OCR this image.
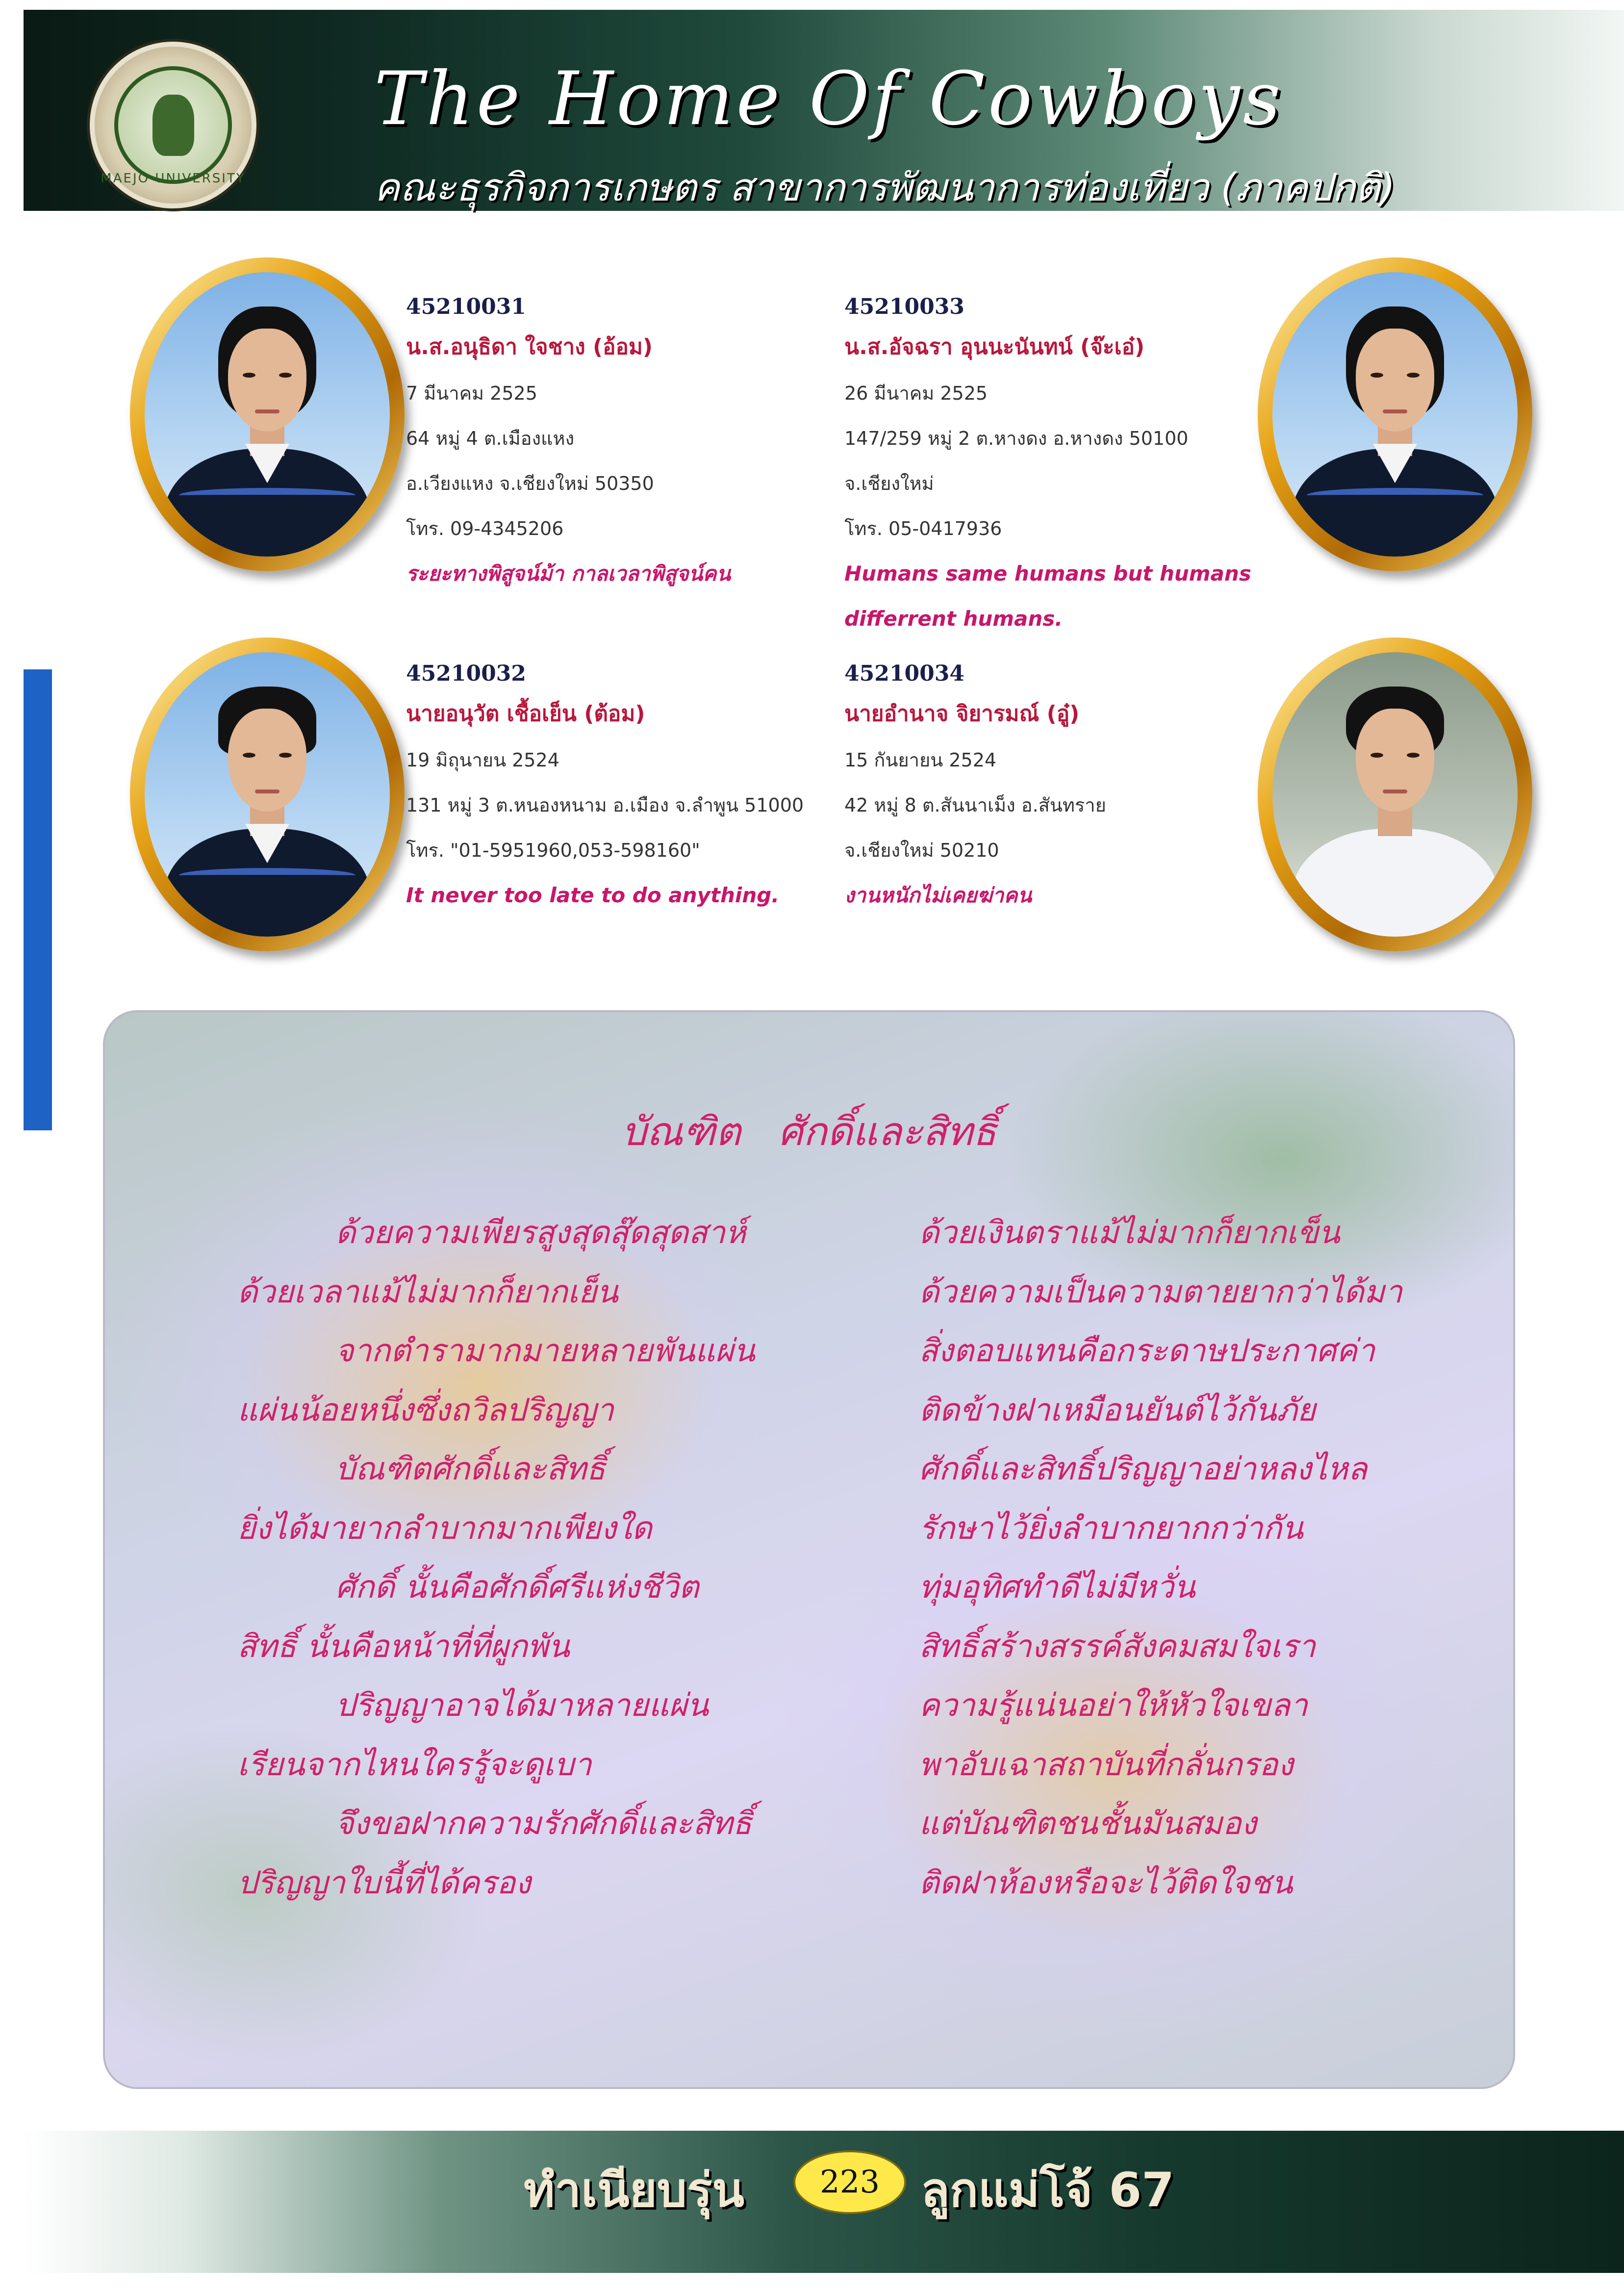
MAEJO UNIVERSITY
The Home Of Cowboys
คณะธุรกิจการเกษตร สาขาการพัฒนาการท่องเที่ยว (ภาคปกติ)
45210031
น.ส.อนุธิดา ใจชาง (อ้อม)
7 มีนาคม 2525
64 หมู่ 4 ต.เมืองแหง
อ.เวียงแหง จ.เชียงใหม่ 50350
โทร. 09-4345206
ระยะทางพิสูจน์ม้า กาลเวลาพิสูจน์คน
45210033
น.ส.อัจฉรา อุนนะนันทน์ (จ๊ะเอ๋)
26 มีนาคม 2525
147/259 หมู่ 2 ต.หางดง อ.หางดง 50100
จ.เชียงใหม่
โทร. 05-0417936
Humans same humans but humans
differrent humans.
45210032
นายอนุวัต เชื้อเย็น (ต้อม)
19 มิถุนายน 2524
131 หมู่ 3 ต.หนองหนาม อ.เมือง จ.ลำพูน 51000
โทร. "01-5951960,053-598160"
It never too late to do anything.
45210034
นายอำนาจ จิยารมณ์ (อู๋)
15 กันยายน 2524
42 หมู่ 8 ต.สันนาเม็ง อ.สันทราย
จ.เชียงใหม่ 50210
งานหนักไม่เคยฆ่าคน
บัณฑิต   ศักดิ์และสิทธิ์
ด้วยความเพียรสูงสุดสุ๊ดสุดสาห์
ด้วยเวลาแม้ไม่มากก็ยากเย็น
จากตำรามากมายหลายพันแผ่น
แผ่นน้อยหนึ่งซึ่งถวิลปริญญา
บัณฑิตศักดิ์และสิทธิ์
ยิ่งได้มายากลำบากมากเพียงใด
ศักดิ์ นั้นคือศักดิ์ศรีแห่งชีวิต
สิทธิ์ นั้นคือหน้าที่ที่ผูกพัน
ปริญญาอาจได้มาหลายแผ่น
เรียนจากไหนใครรู้จะดูเบา
จึงขอฝากความรักศักดิ์และสิทธิ์
ปริญญาใบนี้ที่ได้ครอง
ด้วยเงินตราแม้ไม่มากก็ยากเข็น
ด้วยความเป็นความตายยากว่าได้มา
สิ่งตอบแทนคือกระดาษประกาศค่า
ติดข้างฝาเหมือนยันต์ไว้กันภัย
ศักดิ์และสิทธิ์ปริญญาอย่าหลงไหล
รักษาไว้ยิ่งลำบากยากกว่ากัน
ทุ่มอุทิศทำดีไม่มีหวั่น
สิทธิ์สร้างสรรค์สังคมสมใจเรา
ความรู้แน่นอย่าให้หัวใจเขลา
พาอับเฉาสถาบันที่กลั่นกรอง
แต่บัณฑิตชนชั้นมันสมอง
ติดฝาห้องหรือจะไว้ติดใจชน
ทำเนียบรุ่น	223 ลูกแม่โจ้ 67
